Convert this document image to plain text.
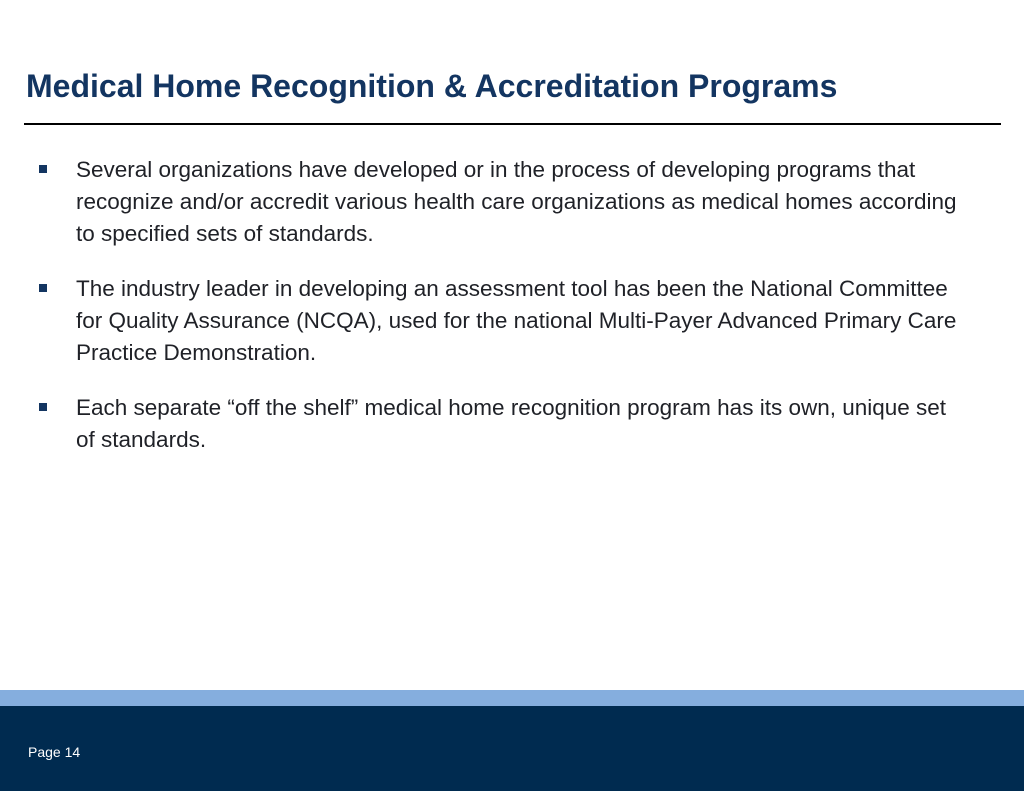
Medical Home Recognition & Accreditation Programs
Several organizations have developed or in the process of developing programs that recognize and/or accredit various health care organizations as medical homes according to specified sets of standards.
The industry leader in developing an assessment tool has been the National Committee for Quality Assurance (NCQA), used for the national Multi-Payer Advanced Primary Care Practice Demonstration.
Each separate “off the shelf” medical home recognition program has its own, unique set of standards.
Page 14
